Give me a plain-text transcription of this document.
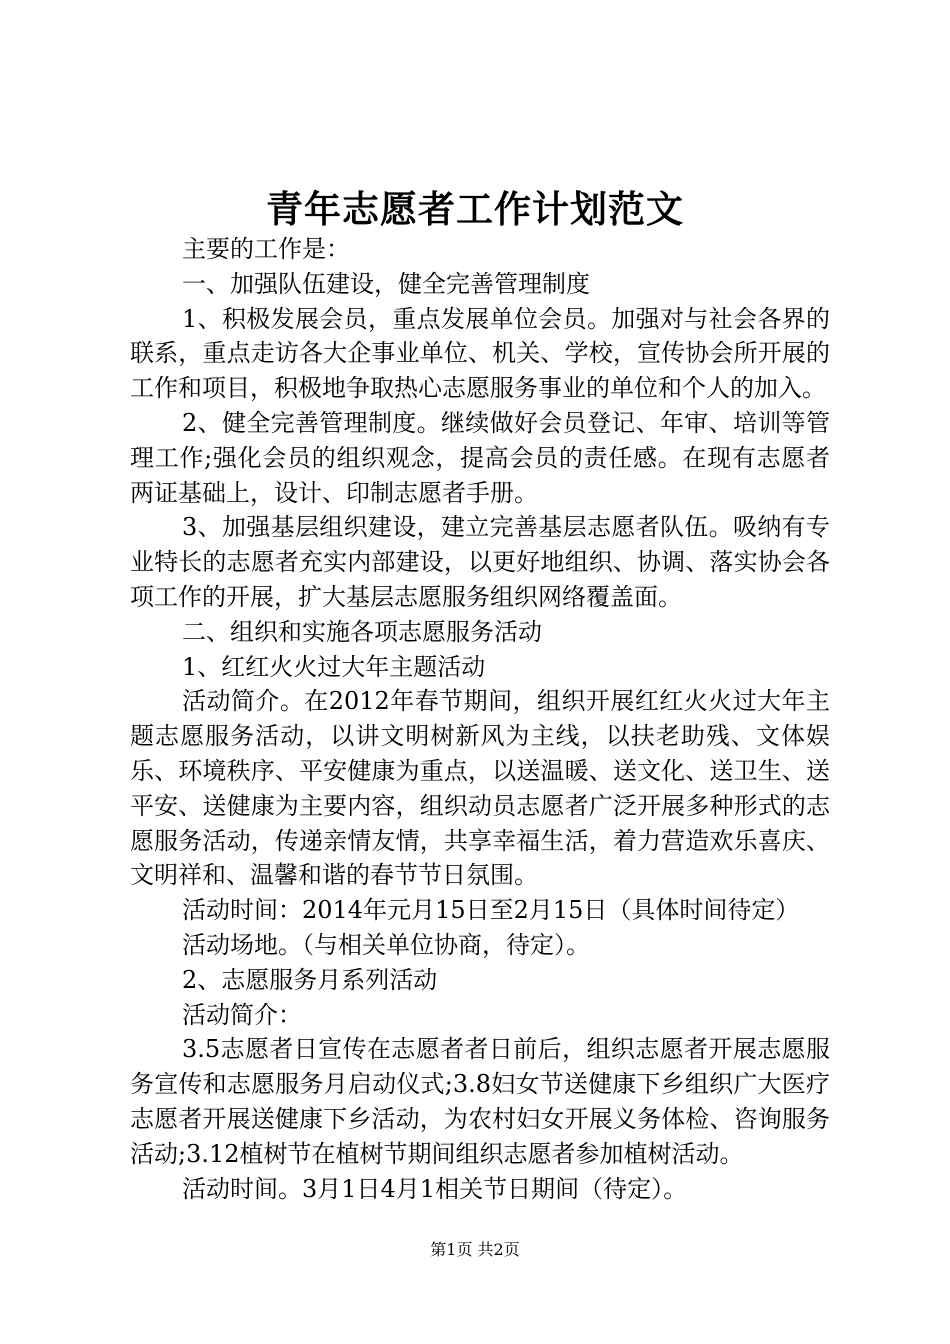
青年志愿者工作计划范文

主要的工作是：

一、加强队伍建设，健全完善管理制度

1、积极发展会员，重点发展单位会员。加强对与社会各界的联系，重点走访各大企事业单位、机关、学校，宣传协会所开展的工作和项目，积极地争取热心志愿服务事业的单位和个人的加入。

2、健全完善管理制度。继续做好会员登记、年审、培训等管理工作;强化会员的组织观念，提高会员的责任感。在现有志愿者两证基础上，设计、印制志愿者手册。

3、加强基层组织建设，建立完善基层志愿者队伍。吸纳有专业特长的志愿者充实内部建设，以更好地组织、协调、落实协会各项工作的开展，扩大基层志愿服务组织网络覆盖面。

二、组织和实施各项志愿服务活动

1、红红火火过大年主题活动

活动简介。在2012年春节期间，组织开展红红火火过大年主题志愿服务活动，以讲文明树新风为主线，以扶老助残、文体娱乐、环境秩序、平安健康为重点，以送温暖、送文化、送卫生、送平安、送健康为主要内容，组织动员志愿者广泛开展多种形式的志愿服务活动，传递亲情友情，共享幸福生活，着力营造欢乐喜庆、文明祥和、温馨和谐的春节节日氛围。

活动时间：2014年元月15日至2月15日（具体时间待定）

活动场地。（与相关单位协商，待定）。

2、志愿服务月系列活动

活动简介：

3.5志愿者日宣传在志愿者者日前后，组织志愿者开展志愿服务宣传和志愿服务月启动仪式;3.8妇女节送健康下乡组织广大医疗志愿者开展送健康下乡活动，为农村妇女开展义务体检、咨询服务活动;3.12植树节在植树节期间组织志愿者参加植树活动。

活动时间。3月1日4月1相关节日期间（待定）。

第1页 共2页
